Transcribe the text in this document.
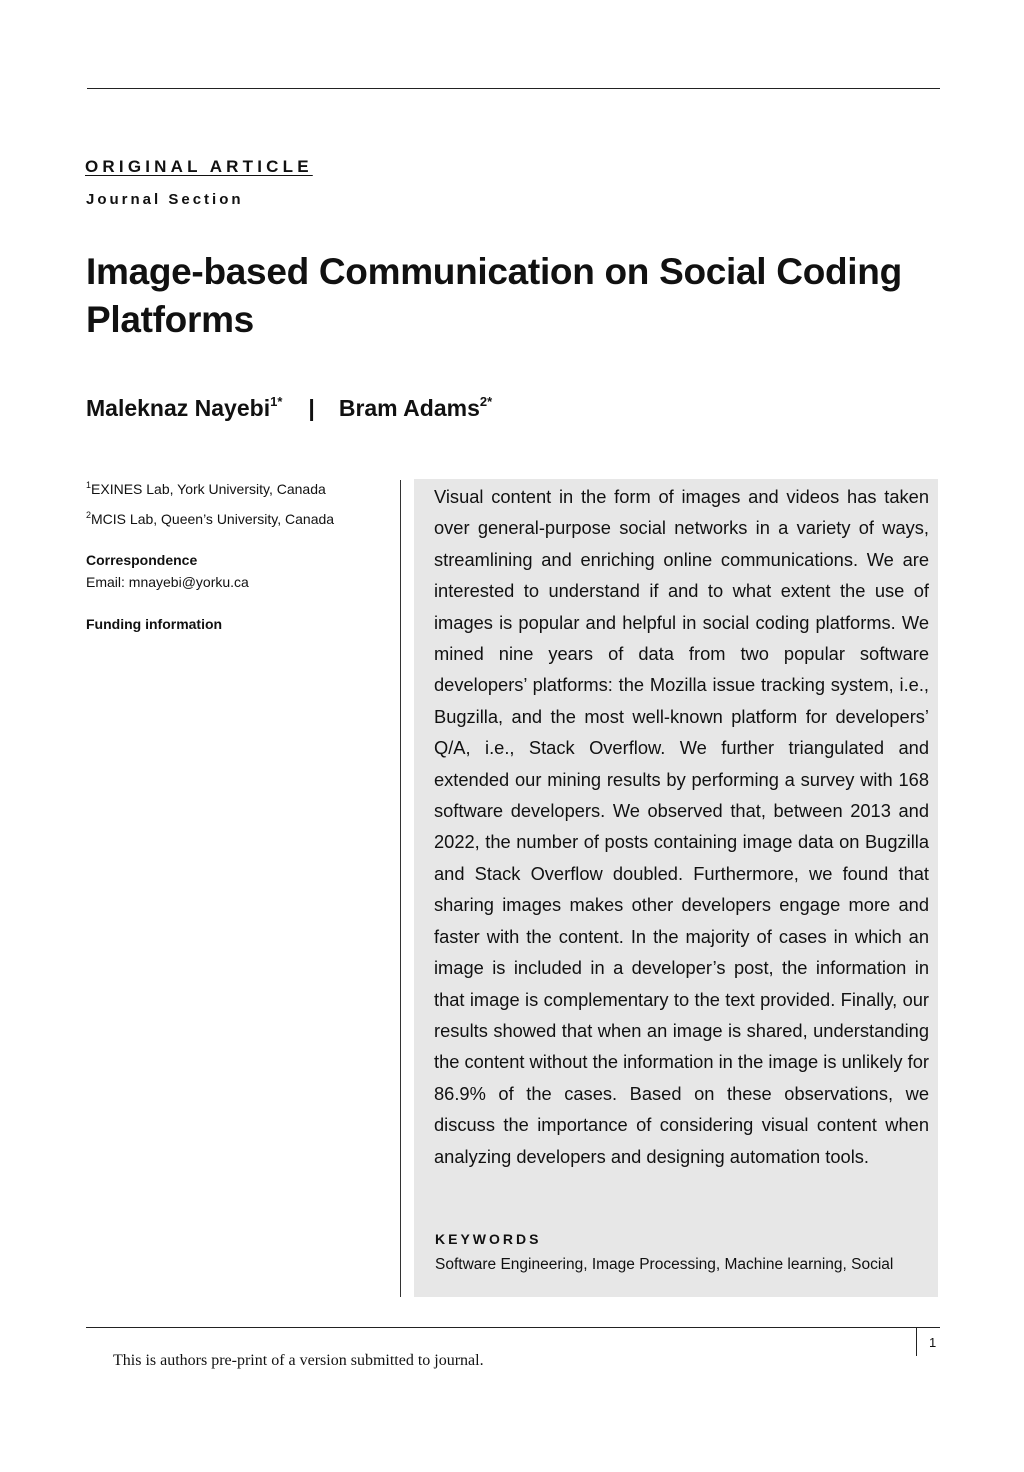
ORIGINAL ARTICLE
Journal Section
Image-based Communication on Social Coding Platforms
Maleknaz Nayebi$^{1*}$ | Bram Adams$^{2*}$
$^1$EXINES Lab, York University, Canada
$^2$MCIS Lab, Queen’s University, Canada
Correspondence
Email: mnayebi@yorku.ca
Funding information

Visual content in the form of images and videos has taken over general-purpose social networks in a variety of ways, streamlining and enriching online communications. We are interested to understand if and to what extent the use of images is popular and helpful in social coding platforms. We mined nine years of data from two popular software developers’ platforms: the Mozilla issue tracking system, i.e., Bugzilla, and the most well-known platform for developers’ Q/A, i.e., Stack Overflow. We further triangulated and extended our mining results by performing a survey with 168 software developers. We observed that, between 2013 and 2022, the number of posts containing image data on Bugzilla and Stack Overflow doubled. Furthermore, we found that sharing images makes other developers engage more and faster with the content. In the majority of cases in which an image is included in a developer’s post, the information in that image is complementary to the text provided. Finally, our results showed that when an image is shared, understanding the content without the information in the image is unlikely for 86.9% of the cases. Based on these observations, we discuss the importance of considering visual content when analyzing developers and designing automation tools.

KEYWORDS
Software Engineering, Image Processing, Machine learning, Social
1
This is authors pre-print of a version submitted to journal.
